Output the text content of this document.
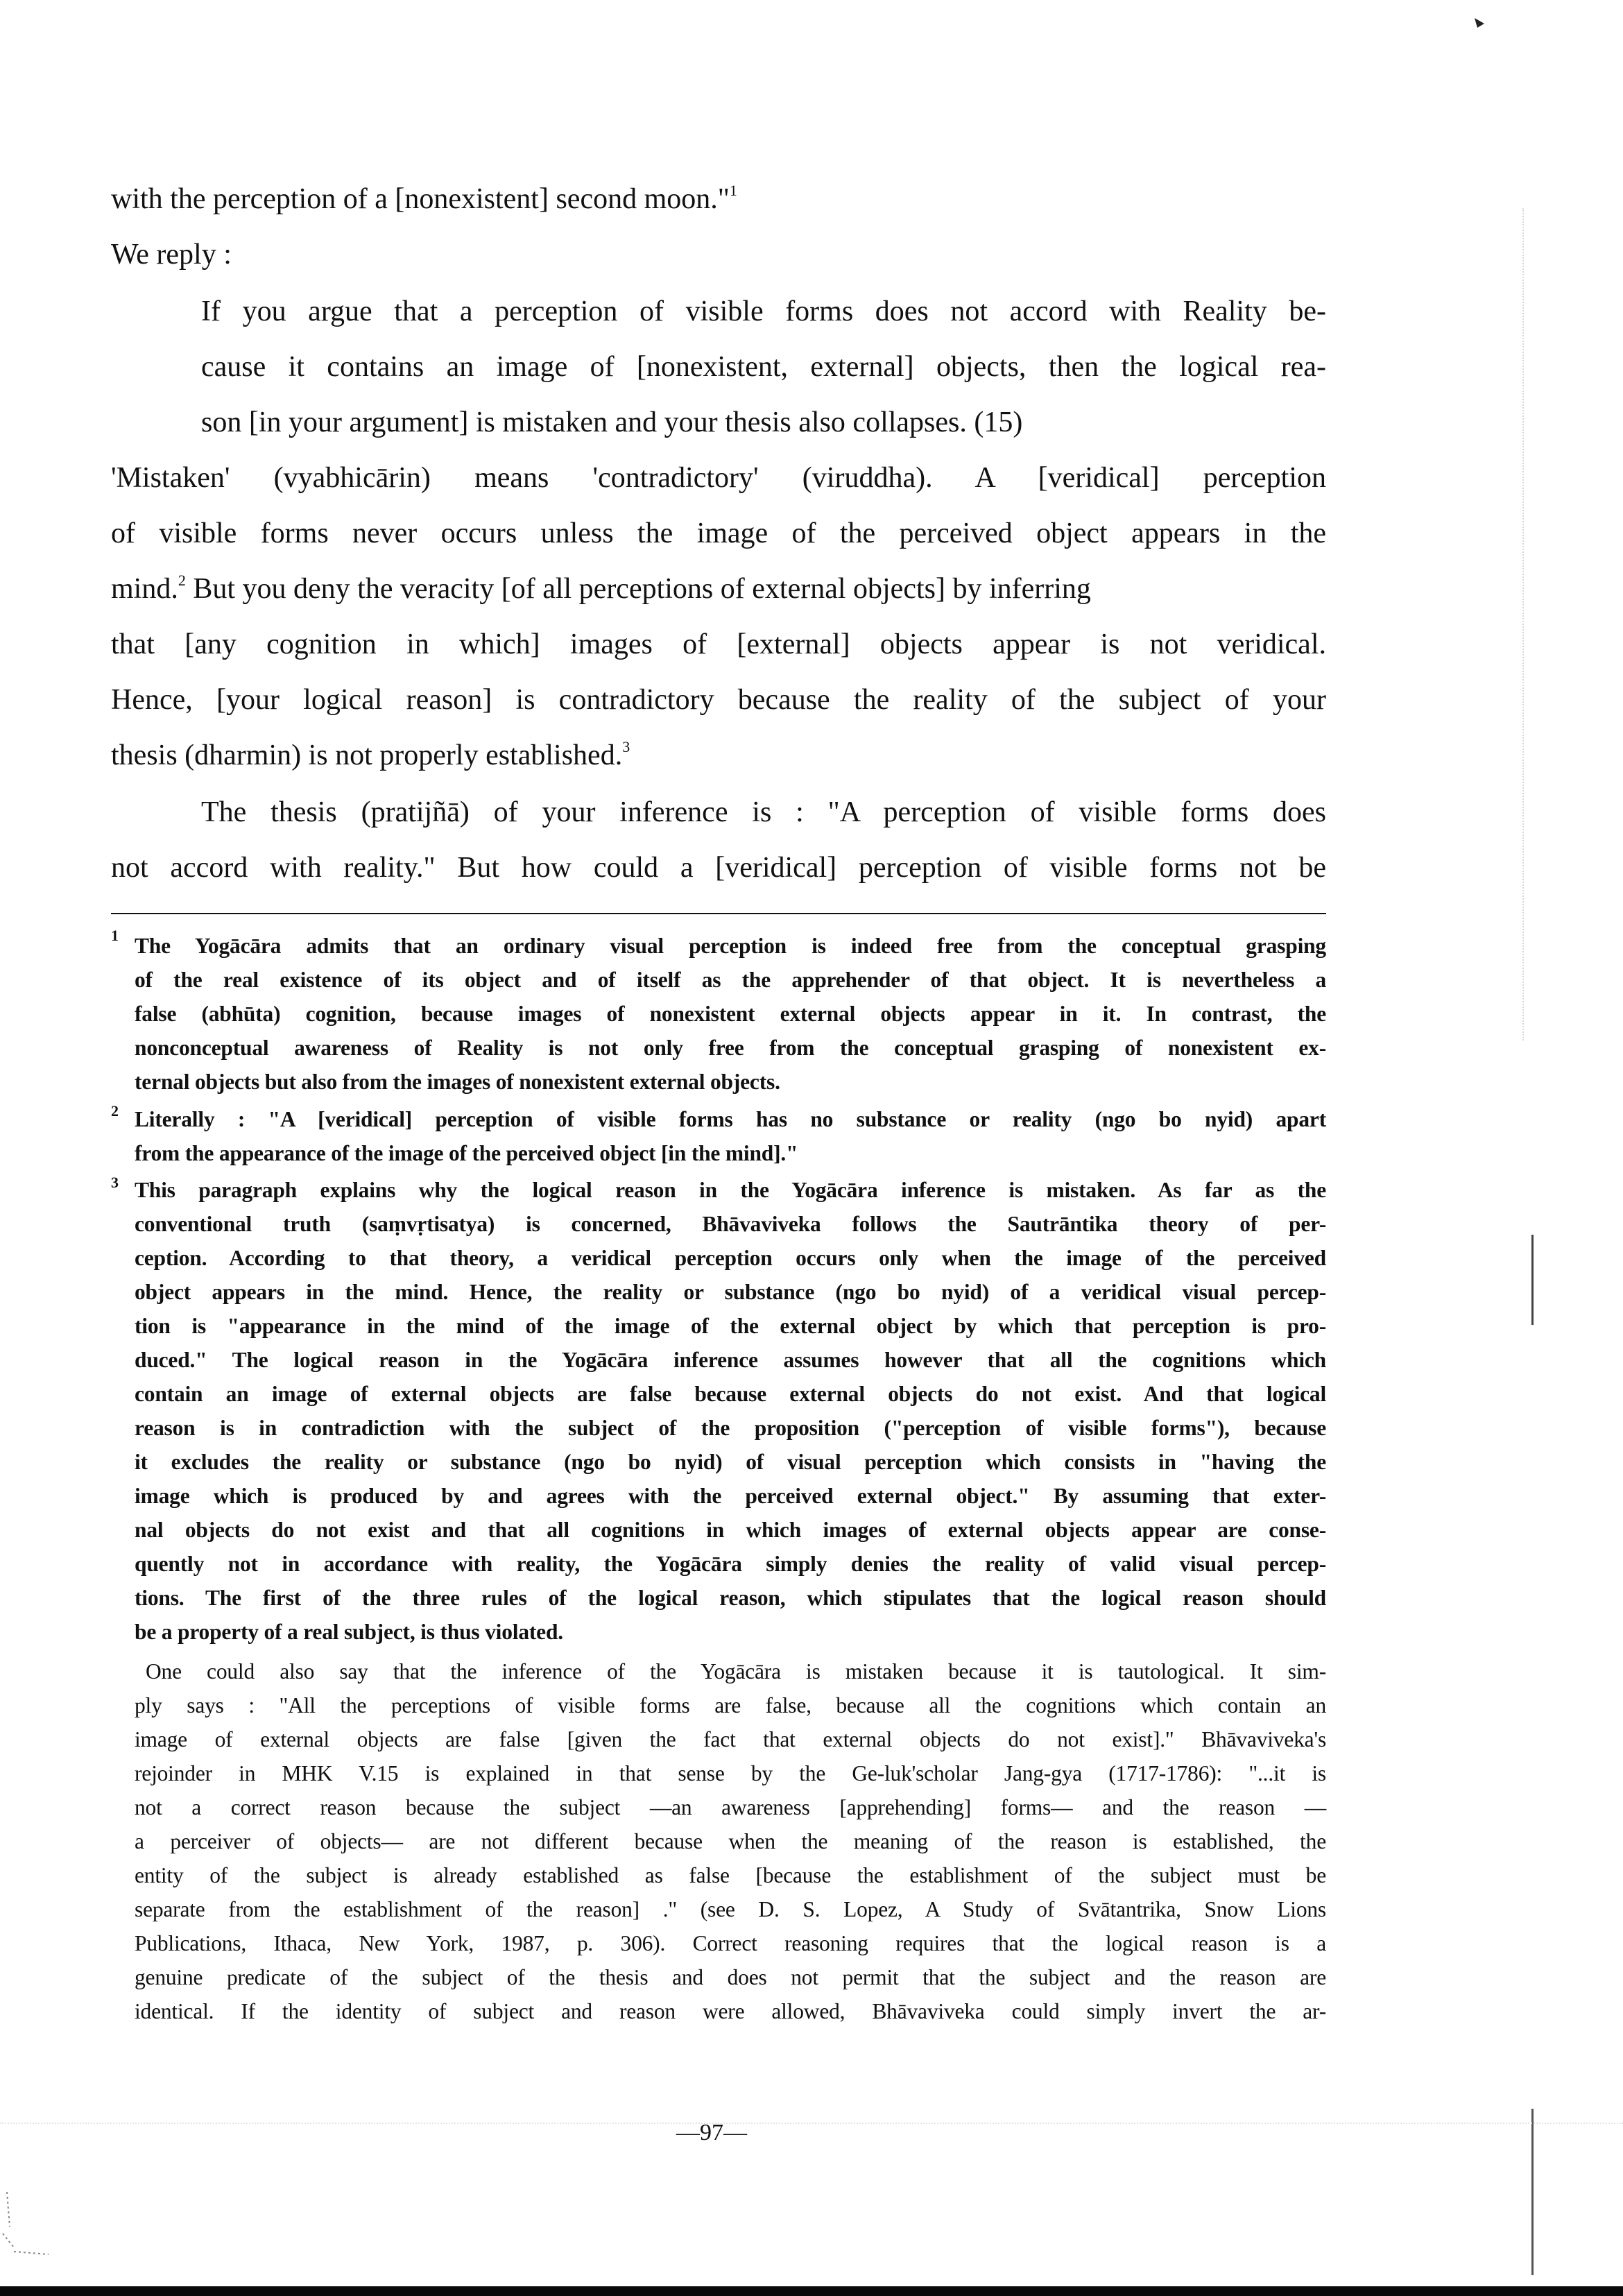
with the perception of a [nonexistent] second moon."$^1$
We reply :
If you argue that a perception of visible forms does not accord with Reality be-
cause it contains an image of [nonexistent, external] objects, then the logical rea-
son [in your argument] is mistaken and your thesis also collapses. (15)
'Mistaken' (vyabhicārin) means 'contradictory' (viruddha). A [veridical] perception
of visible forms never occurs unless the image of the perceived object appears in the
mind.$^2$ But you deny the veracity [of all perceptions of external objects] by inferring
that [any cognition in which] images of [external] objects appear is not veridical.
Hence, [your logical reason] is contradictory because the reality of the subject of your
thesis (dharmin) is not properly established.$^3$
The thesis (pratijñā) of your inference is : "A perception of visible forms does
not accord with reality." But how could a [veridical] perception of visible forms not be
1 The Yogācāra admits that an ordinary visual perception is indeed free from the conceptual grasping
of the real existence of its object and of itself as the apprehender of that object. It is nevertheless a
false (abhūta) cognition, because images of nonexistent external objects appear in it. In contrast, the
nonconceptual awareness of Reality is not only free from the conceptual grasping of nonexistent ex-
ternal objects but also from the images of nonexistent external objects.
2 Literally : "A [veridical] perception of visible forms has no substance or reality (ngo bo nyid) apart
from the appearance of the image of the perceived object [in the mind]."
3 This paragraph explains why the logical reason in the Yogācāra inference is mistaken. As far as the
conventional truth (saṃvṛtisatya) is concerned, Bhāvaviveka follows the Sautrāntika theory of per-
ception. According to that theory, a veridical perception occurs only when the image of the perceived
object appears in the mind. Hence, the reality or substance (ngo bo nyid) of a veridical visual percep-
tion is "appearance in the mind of the image of the external object by which that perception is pro-
duced." The logical reason in the Yogācāra inference assumes however that all the cognitions which
contain an image of external objects are false because external objects do not exist. And that logical
reason is in contradiction with the subject of the proposition ("perception of visible forms"), because
it excludes the reality or substance (ngo bo nyid) of visual perception which consists in "having the
image which is produced by and agrees with the perceived external object." By assuming that exter-
nal objects do not exist and that all cognitions in which images of external objects appear are conse-
quently not in accordance with reality, the Yogācāra simply denies the reality of valid visual percep-
tions. The first of the three rules of the logical reason, which stipulates that the logical reason should
be a property of a real subject, is thus violated.
One could also say that the inference of the Yogācāra is mistaken because it is tautological. It sim-
ply says : "All the perceptions of visible forms are false, because all the cognitions which contain an
image of external objects are false [given the fact that external objects do not exist]." Bhāvaviveka's
rejoinder in MHK V.15 is explained in that sense by the Ge-luk'scholar Jang-gya (1717-1786): "...it is
not a correct reason because the subject —an awareness [apprehending] forms— and the reason —
a perceiver of objects— are not different because when the meaning of the reason is established, the
entity of the subject is already established as false [because the establishment of the subject must be
separate from the establishment of the reason] ." (see D. S. Lopez, A Study of Svātantrika, Snow Lions
Publications, Ithaca, New York, 1987, p. 306). Correct reasoning requires that the logical reason is a
genuine predicate of the subject of the thesis and does not permit that the subject and the reason are
identical. If the identity of subject and reason were allowed, Bhāvaviveka could simply invert the ar-
—97—
